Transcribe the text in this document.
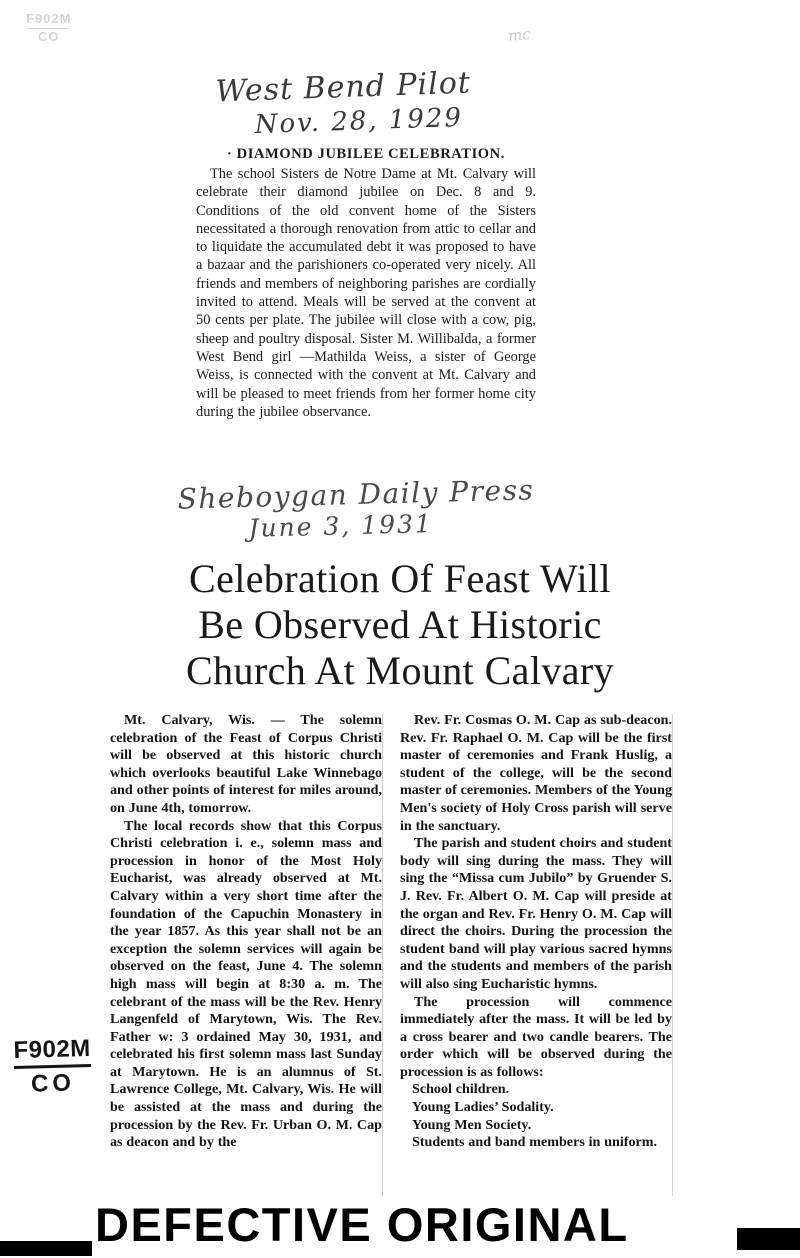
F902M
CO	mc
West Bend Pilot
Nov. 28, 1929

· DIAMOND JUBILEE CELEBRATION.

The school Sisters de Notre Dame at Mt. Calvary will celebrate their diamond jubilee on Dec. 8 and 9. Conditions of the old convent home of the Sisters necessitated a thorough renovation from attic to cellar and to liquidate the accumulated debt it was proposed to have a bazaar and the parishioners co-operated very nicely. All friends and members of neighboring parishes are cordially invited to attend. Meals will be served at the convent at 50 cents per plate. The jubilee will close with a cow, pig, sheep and poultry disposal. Sister M. Willibalda, a former West Bend girl —Mathilda Weiss, a sister of George Weiss, is connected with the convent at Mt. Calvary and will be pleased to meet friends from her former home city during the jubilee observance.

Sheboygan Daily Press
June 3, 1931
Celebration Of Feast Will
Be Observed At Historic
Church At Mount Calvary

Mt. Calvary, Wis. — The solemn celebration of the Feast of Corpus Christi will be observed at this historic church which overlooks beautiful Lake Winnebago and other points of interest for miles around, on June 4th, tomorrow.

The local records show that this Corpus Christi celebration i. e., solemn mass and procession in honor of the Most Holy Eucharist, was already observed at Mt. Calvary within a very short time after the foundation of the Capuchin Monastery in the year 1857. As this year shall not be an exception the solemn services will again be observed on the feast, June 4. The solemn high mass will begin at 8:30 a. m. The celebrant of the mass will be the Rev. Henry Langenfeld of Marytown, Wis. The Rev. Father w: 3 ordained May 30, 1931, and celebrated his first solemn mass last Sunday at Marytown. He is an alumnus of St. Lawrence College, Mt. Calvary, Wis. He will be assisted at the mass and during the procession by the Rev. Fr. Urban O. M. Cap as deacon and by the

Rev. Fr. Cosmas O. M. Cap as sub-deacon. Rev. Fr. Raphael O. M. Cap will be the first master of ceremonies and Frank Huslig, a student of the college, will be the second master of ceremonies. Members of the Young Men's society of Holy Cross parish will serve in the sanctuary.

The parish and student choirs and student body will sing during the mass. They will sing the “Missa cum Jubilo” by Gruender S. J. Rev. Fr. Albert O. M. Cap will preside at the organ and Rev. Fr. Henry O. M. Cap will direct the choirs. During the procession the student band will play various sacred hymns and the students and members of the parish will also sing Eucharistic hymns.

The procession will commence immediately after the mass. It will be led by a cross bearer and two candle bearers. The order which will be observed during the procession is as follows:

School children.

Young Ladies’ Sodality.

Young Men Society.

Students and band members in uniform.

F902M
CO
DEFECTIVE ORIGINAL
